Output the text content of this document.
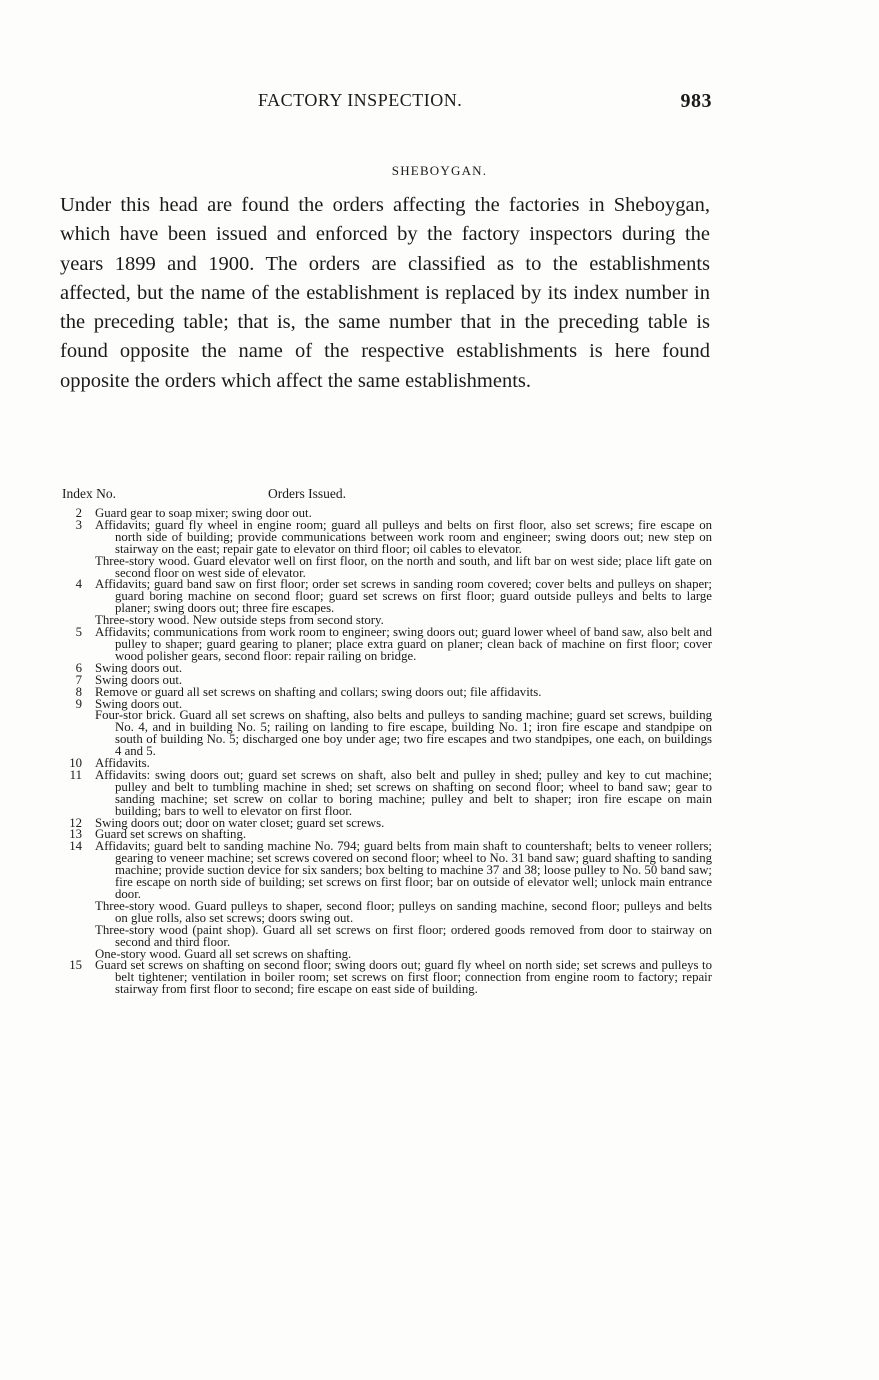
FACTORY INSPECTION.	983
SHEBOYGAN.

Under this head are found the orders affecting the factories in Sheboygan, which have been issued and enforced by the factory inspectors during the years 1899 and 1900. The orders are classified as to the establishments affected, but the name of the establishment is replaced by its index number in the preceding table; that is, the same number that in the preceding table is found opposite the name of the respective establishments is here found opposite the orders which affect the same establishments.

Index No.	Orders Issued.
2	Guard gear to soap mixer; swing door out.
3	Affidavits; guard fly wheel in engine room; guard all pulleys and belts on first floor, also set screws; fire escape on north side of building; provide communications between work room and engineer; swing doors out; new step on stairway on the east; repair gate to elevator on third floor; oil cables to elevator.
Three-story wood. Guard elevator well on first floor, on the north and south, and lift bar on west side; place lift gate on second floor on west side of elevator.
4	Affidavits; guard band saw on first floor; order set screws in sanding room covered; cover belts and pulleys on shaper; guard boring machine on second floor; guard set screws on first floor; guard outside pulleys and belts to large planer; swing doors out; three fire escapes.
Three-story wood. New outside steps from second story.
5	Affidavits; communications from work room to engineer; swing doors out; guard lower wheel of band saw, also belt and pulley to shaper; guard gearing to planer; place extra guard on planer; clean back of machine on first floor; cover wood polisher gears, second floor: repair railing on bridge.
6	Swing doors out.
7	Swing doors out.
8	Remove or guard all set screws on shafting and collars; swing doors out; file affidavits.
9	Swing doors out.
Four-stor brick. Guard all set screws on shafting, also belts and pulleys to sanding machine; guard set screws, building No. 4, and in building No. 5; railing on landing to fire escape, building No. 1; iron fire escape and standpipe on south of building No. 5; discharged one boy under age; two fire escapes and two standpipes, one each, on buildings 4 and 5.
10	Affidavits.
11	Affidavits: swing doors out; guard set screws on shaft, also belt and pulley in shed; pulley and key to cut machine; pulley and belt to tumbling machine in shed; set screws on shafting on second floor; wheel to band saw; gear to sanding machine; set screw on collar to boring machine; pulley and belt to shaper; iron fire escape on main building; bars to well to elevator on first floor.
12	Swing doors out; door on water closet; guard set screws.
13	Guard set screws on shafting.
14	Affidavits; guard belt to sanding machine No. 794; guard belts from main shaft to countershaft; belts to veneer rollers; gearing to veneer machine; set screws covered on second floor; wheel to No. 31 band saw; guard shafting to sanding machine; provide suction device for six sanders; box belting to machine 37 and 38; loose pulley to No. 50 band saw; fire escape on north side of building; set screws on first floor; bar on outside of elevator well; unlock main entrance door.
Three-story wood. Guard pulleys to shaper, second floor; pulleys on sanding machine, second floor; pulleys and belts on glue rolls, also set screws; doors swing out.
Three-story wood (paint shop). Guard all set screws on first floor; ordered goods removed from door to stairway on second and third floor.
One-story wood. Guard all set screws on shafting.
15	Guard set screws on shafting on second floor; swing doors out; guard fly wheel on north side; set screws and pulleys to belt tightener; ventilation in boiler room; set screws on first floor; connection from engine room to factory; repair stairway from first floor to second; fire escape on east side of building.
